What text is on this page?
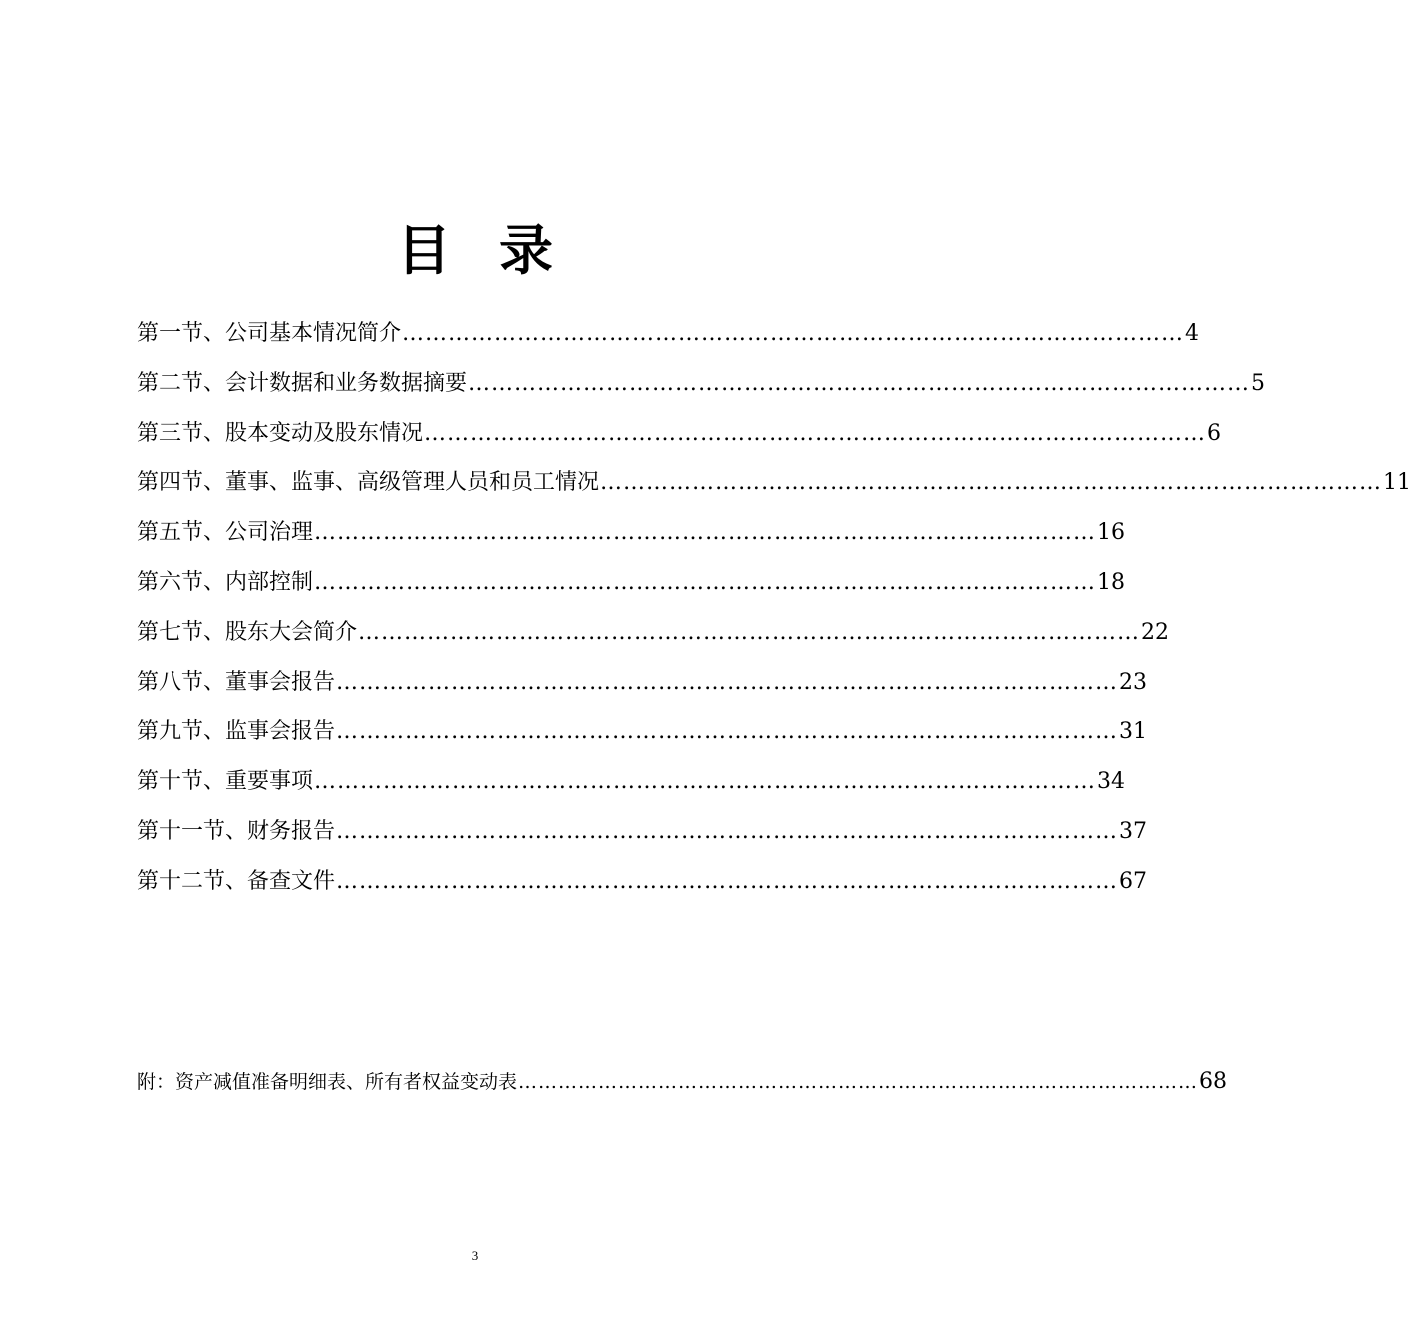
目 录
第一节、公司基本情况简介 ………………………………………………………………………………………… 4
第二节、会计数据和业务数据摘要 ………………………………………………………………………………………… 5
第三节、股本变动及股东情况 ………………………………………………………………………………………… 6
第四节、董事、监事、高级管理人员和员工情况 ………………………………………………………………………………………… 11
第五节、公司治理 ………………………………………………………………………………………… 16
第六节、内部控制 ………………………………………………………………………………………… 18
第七节、股东大会简介 ………………………………………………………………………………………… 22
第八节、董事会报告 ………………………………………………………………………………………… 23
第九节、监事会报告 ………………………………………………………………………………………… 31
第十节、重要事项 ………………………………………………………………………………………… 34
第十一节、财务报告 ………………………………………………………………………………………… 37
第十二节、备查文件 ………………………………………………………………………………………… 67
附：资产减值准备明细表、所有者权益变动表 ………………………………………………………………………………………… 68
3
